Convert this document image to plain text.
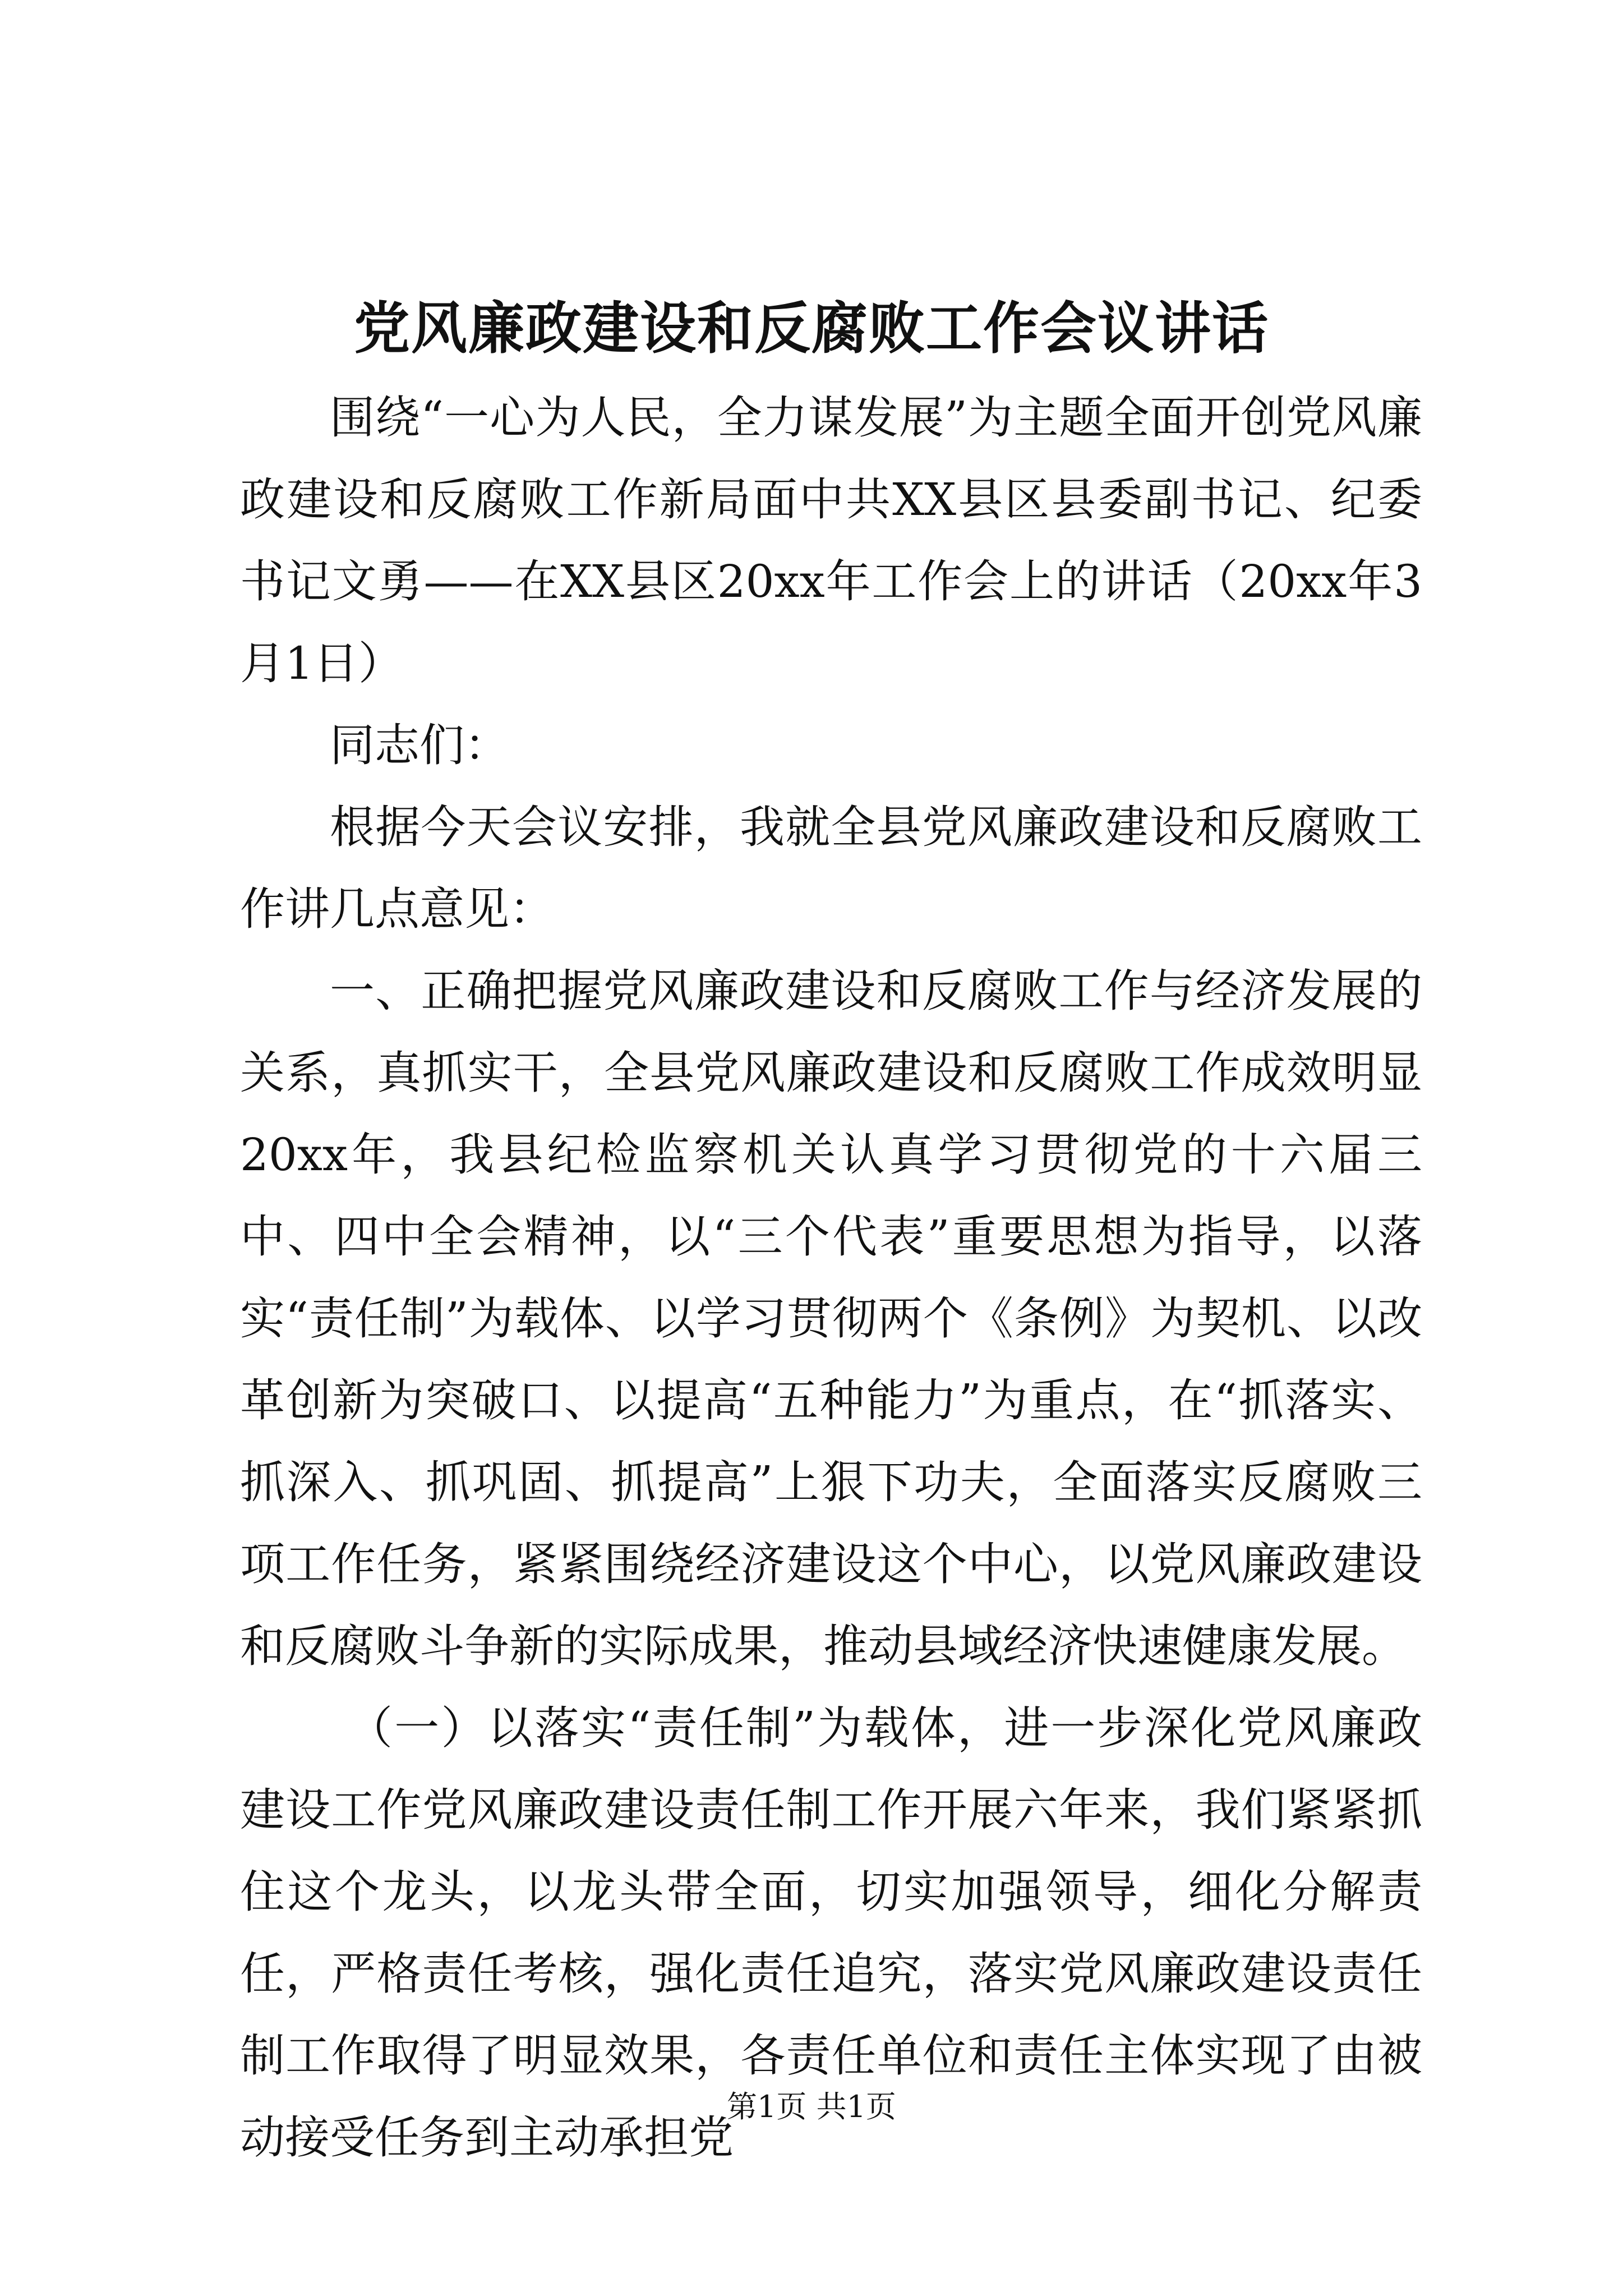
党风廉政建设和反腐败工作会议讲话

围绕“一心为人民，全力谋发展”为主题全面开创党风廉政建设和反腐败工作新局面中共XX县区县委副书记、纪委书记文勇——在XX县区20xx年工作会上的讲话（20xx年3月1日）

同志们：

根据今天会议安排，我就全县党风廉政建设和反腐败工作讲几点意见：

一、正确把握党风廉政建设和反腐败工作与经济发展的关系，真抓实干，全县党风廉政建设和反腐败工作成效明显20xx年，我县纪检监察机关认真学习贯彻党的十六届三中、四中全会精神，以“三个代表”重要思想为指导，以落实“责任制”为载体、以学习贯彻两个《条例》为契机、以改革创新为突破口、以提高“五种能力”为重点，在“抓落实、抓深入、抓巩固、抓提高”上狠下功夫，全面落实反腐败三项工作任务，紧紧围绕经济建设这个中心，以党风廉政建设和反腐败斗争新的实际成果，推动县域经济快速健康发展。

（一）以落实“责任制”为载体，进一步深化党风廉政建设工作党风廉政建设责任制工作开展六年来，我们紧紧抓住这个龙头，以龙头带全面，切实加强领导，细化分解责任，严格责任考核，强化责任追究，落实党风廉政建设责任制工作取得了明显效果，各责任单位和责任主体实现了由被动接受任务到主动承担党

第1页 共1页
